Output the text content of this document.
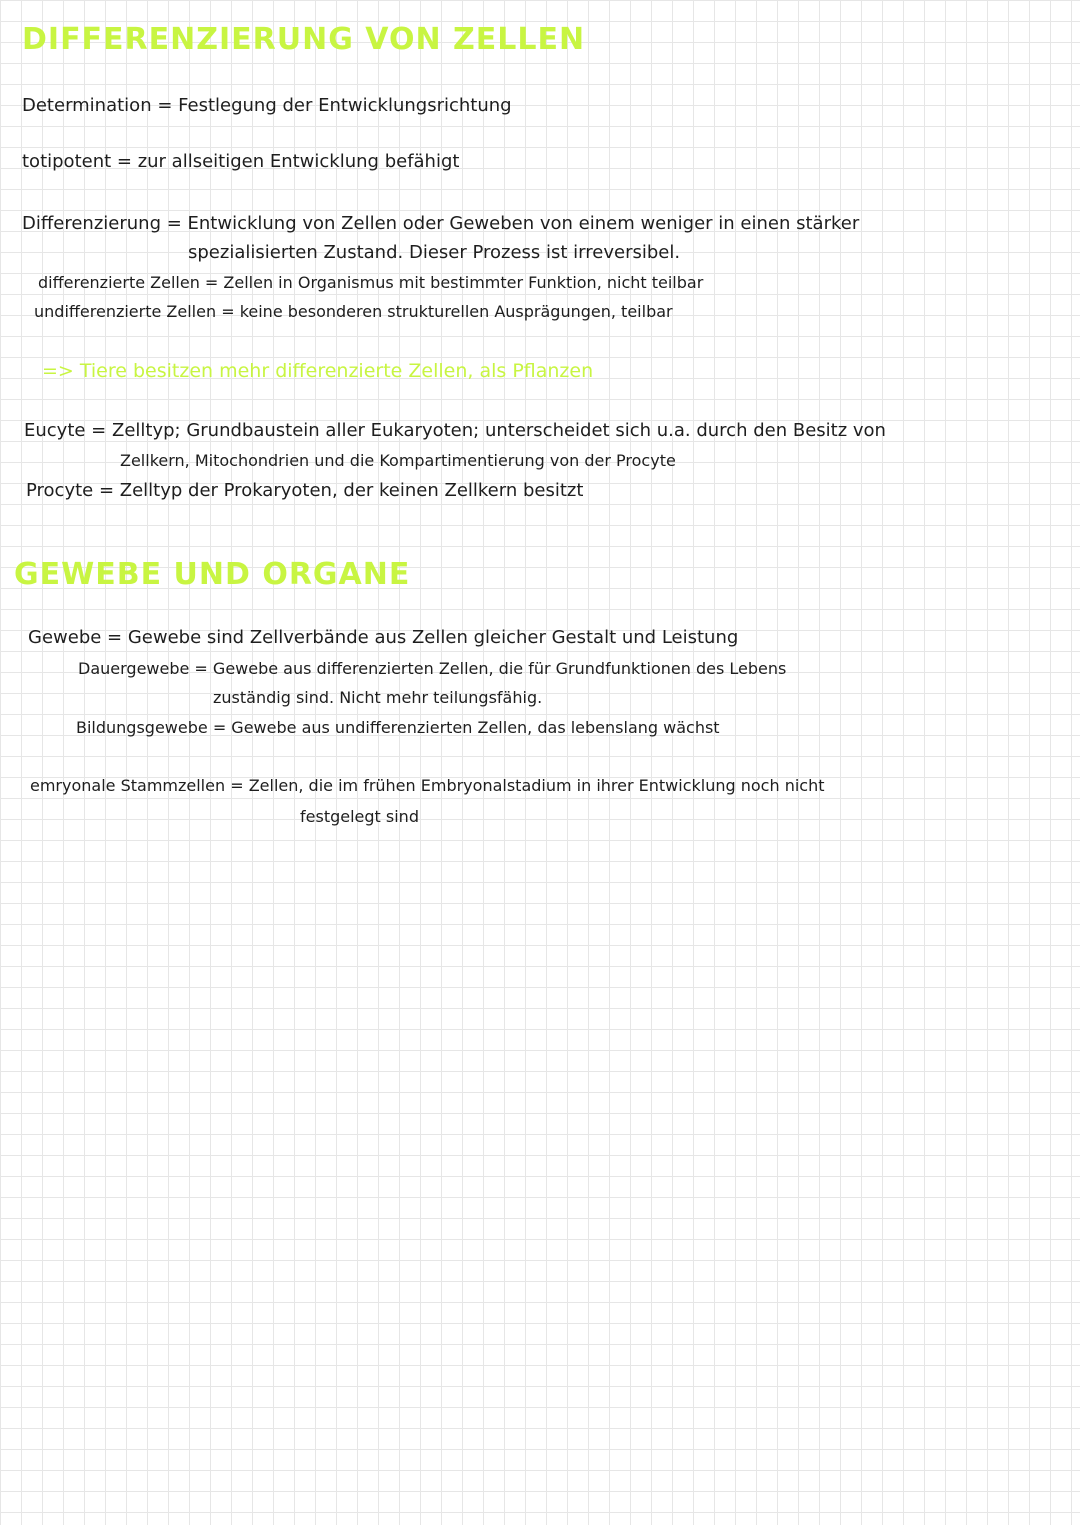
DIFFERENZIERUNG VON ZELLEN
Determination = Festlegung der Entwicklungsrichtung
totipotent = zur allseitigen Entwicklung befähigt
Differenzierung = Entwicklung von Zellen oder Geweben von einem weniger in einen stärker
spezialisierten Zustand. Dieser Prozess ist irreversibel.
differenzierte Zellen = Zellen in Organismus mit bestimmter Funktion, nicht teilbar
undifferenzierte Zellen = keine besonderen strukturellen Ausprägungen, teilbar
=> Tiere besitzen mehr differenzierte Zellen, als Pflanzen
Eucyte = Zelltyp; Grundbaustein aller Eukaryoten; unterscheidet sich u.a. durch den Besitz von
Zellkern, Mitochondrien und die Kompartimentierung von der Procyte
Procyte = Zelltyp der Prokaryoten, der keinen Zellkern besitzt
GEWEBE UND ORGANE
Gewebe = Gewebe sind Zellverbände aus Zellen gleicher Gestalt und Leistung
Dauergewebe = Gewebe aus differenzierten Zellen, die für Grundfunktionen des Lebens
zuständig sind. Nicht mehr teilungsfähig.
Bildungsgewebe = Gewebe aus undifferenzierten Zellen, das lebenslang wächst
emryonale Stammzellen = Zellen, die im frühen Embryonalstadium in ihrer Entwicklung noch nicht
festgelegt sind
